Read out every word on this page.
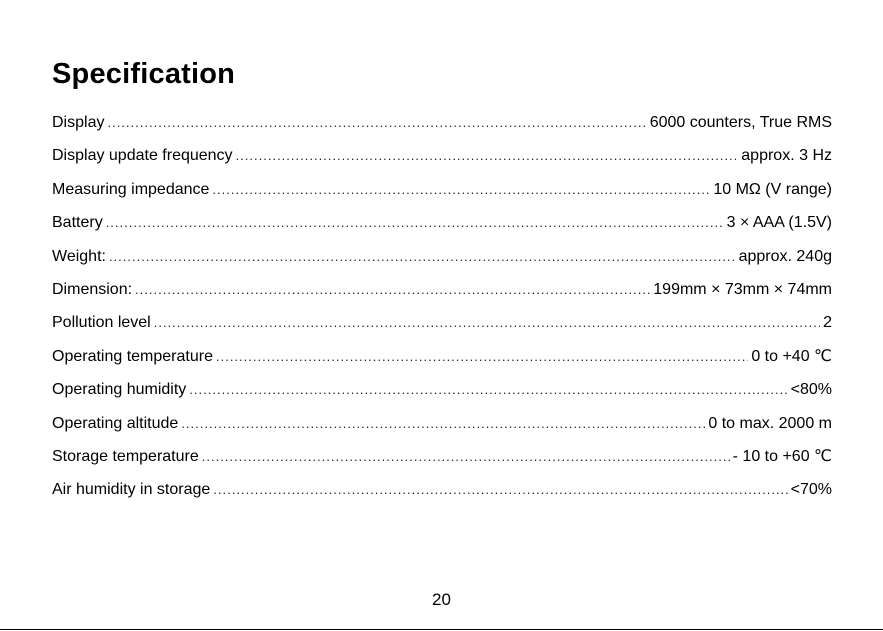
Specification
Display .....	6000 counters, True RMS
Display update frequency .....	approx. 3 Hz
Measuring impedance .....	10 MΩ (V range)
Battery .....	3 × AAA (1.5V)
Weight: .....	approx. 240g
Dimension: .....	199mm × 73mm × 74mm
Pollution level .....	2
Operating temperature .....	0 to +40 ℃
Operating humidity .....	<80%
Operating altitude .....	0 to max. 2000 m
Storage temperature .....	- 10 to +60 ℃
Air humidity in storage .....	<70%
20
